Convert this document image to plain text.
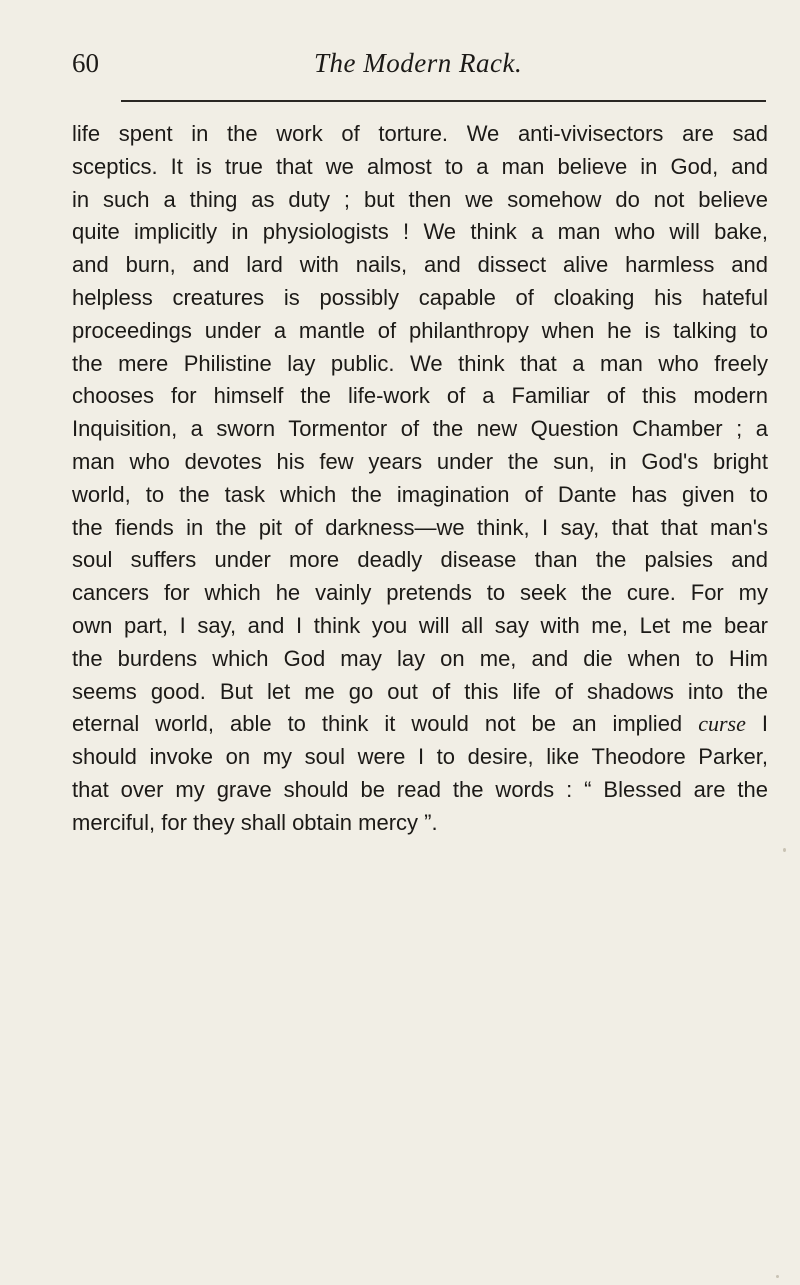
60	The Modern Rack.
life spent in the work of torture. We anti-vivisectors are sad
sceptics. It is true that we almost to a man believe in God, and
in such a thing as duty ; but then we somehow do not believe
quite implicitly in physiologists ! We think a man who will bake,
and burn, and lard with nails, and dissect alive harmless and
helpless creatures is possibly capable of cloaking his hateful
proceedings under a mantle of philanthropy when he is talking to
the mere Philistine lay public. We think that a man who freely
chooses for himself the life-work of a Familiar of this modern
Inquisition, a sworn Tormentor of the new Question Chamber ; a
man who devotes his few years under the sun, in God's bright
world, to the task which the imagination of Dante has given to
the fiends in the pit of darkness—we think, I say, that that man's
soul suffers under more deadly disease than the palsies and
cancers for which he vainly pretends to seek the cure. For my
own part, I say, and I think you will all say with me, Let me bear
the burdens which God may lay on me, and die when to Him
seems good. But let me go out of this life of shadows into the
eternal world, able to think it would not be an implied curse I
should invoke on my soul were I to desire, like Theodore Parker,
that over my grave should be read the words : “ Blessed are the
merciful, for they shall obtain mercy ”.
